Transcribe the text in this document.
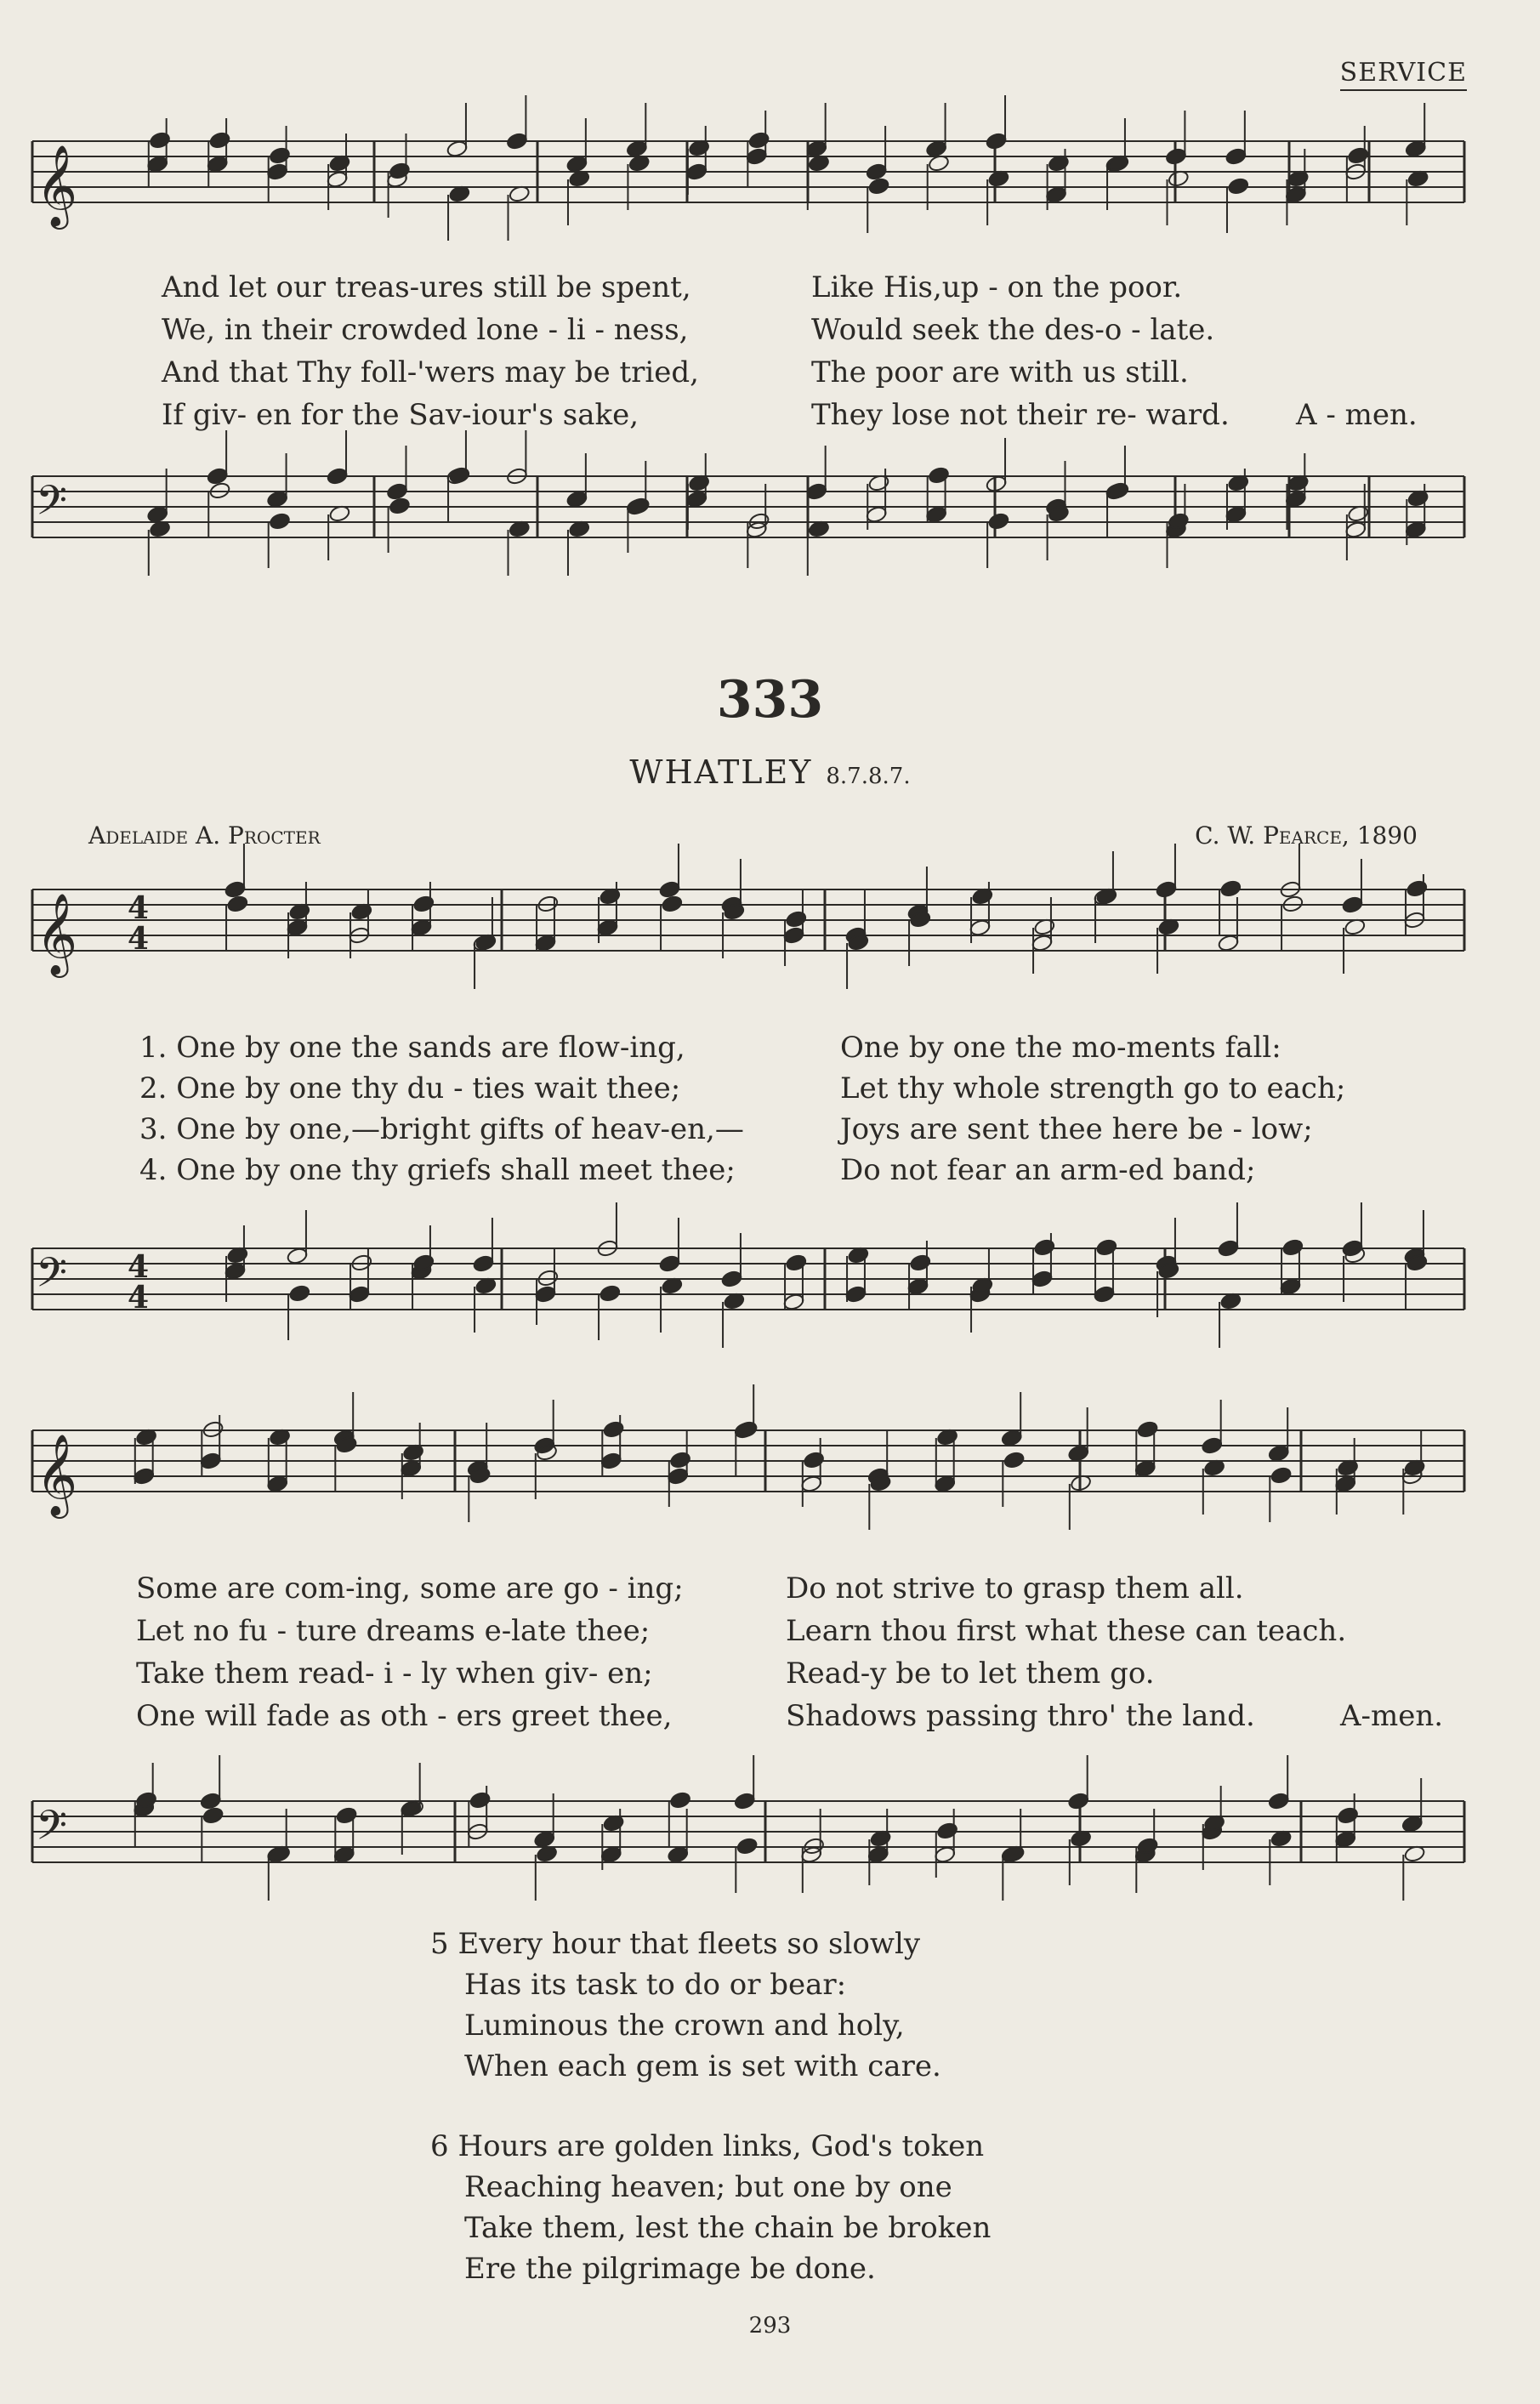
SERVICE
𝄞
𝄢
𝄞
𝄢
𝄞
𝄢
4
4
4
4
And let our treas-ures still be spent,	Like His,up - on the poor.
We, in their crowded lone - li - ness,	Would seek the des-o - late.
And that Thy foll-'wers may be tried,	The poor are with us still.
If giv- en for the Sav-iour's sake,	They lose not their re- ward. A - men.
333
WHATLEY 8.7.8.7.
Adelaide A. Procter	C. W. Pearce, 1890
1. One by one the sands are flow-ing,	One by one the mo-ments fall:
2. One by one thy du - ties wait thee;	Let thy whole strength go to each;
3. One by one,—bright gifts of heav-en,—	Joys are sent thee here be - low;
4. One by one thy griefs shall meet thee;	Do not fear an arm-ed band;
Some are com-ing, some are go - ing;	Do not strive to grasp them all.
Let no fu - ture dreams e-late thee;	Learn thou first what these can teach.
Take them read- i - ly when giv- en;	Read-y be to let them go.
One will fade as oth - ers greet thee,	Shadows passing thro' the land.	A-men.
5 Every hour that fleets so slowly
Has its task to do or bear:
Luminous the crown and holy,
When each gem is set with care.
6 Hours are golden links, God's token
Reaching heaven; but one by one
Take them, lest the chain be broken
Ere the pilgrimage be done.
293
